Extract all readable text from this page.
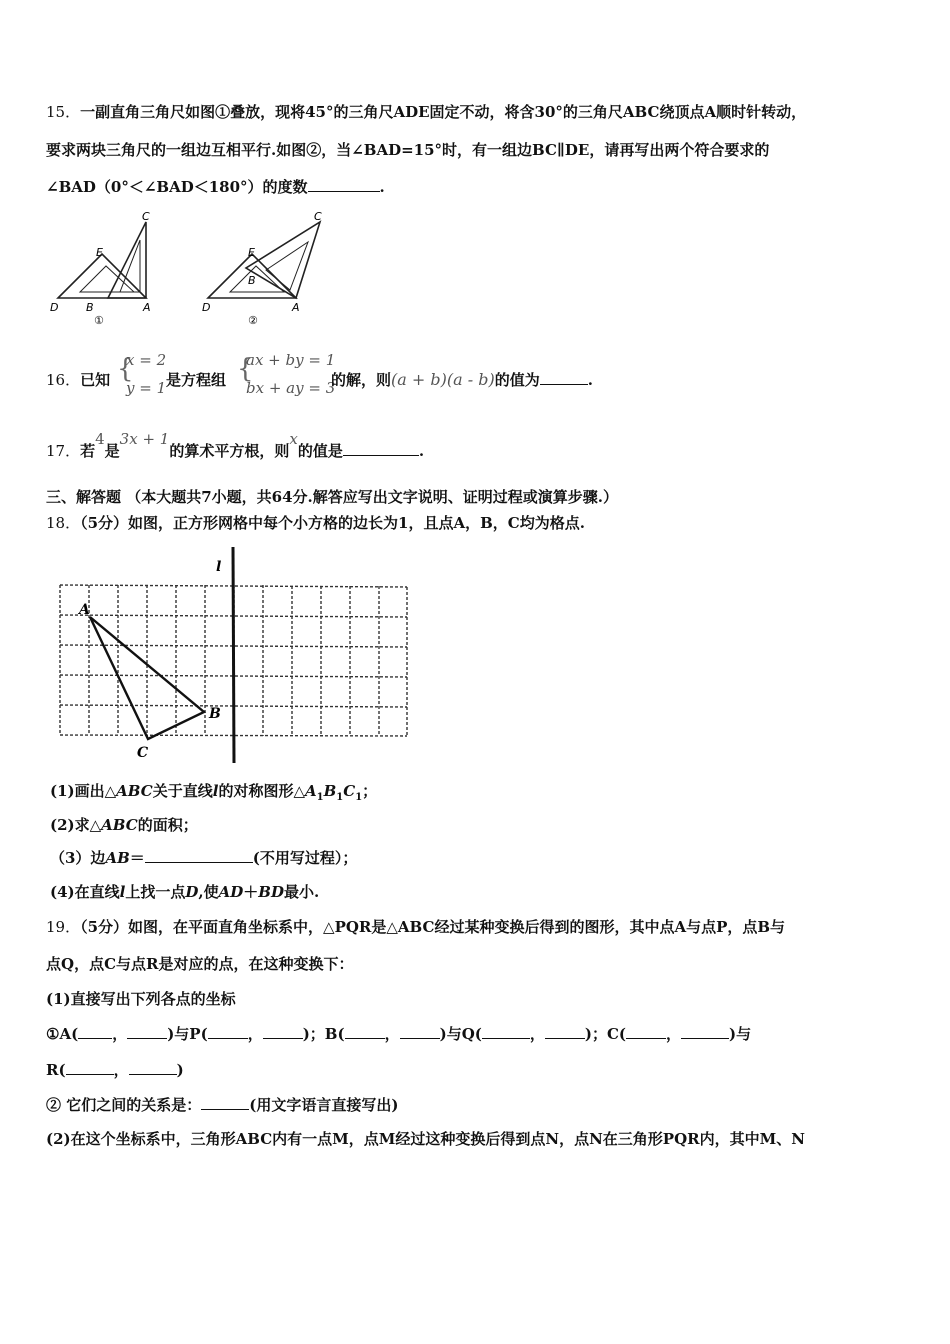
15．一副直角三角尺如图①叠放，现将45°的三角尺ADE固定不动，将含30°的三角尺ABC绕顶点A顺时针转动，
要求两块三角尺的一组边互相平行.如图②，当∠BAD=15°时，有一组边BC∥DE，请再写出两个符合要求的
∠BAD（0°＜∠BAD＜180°）的度数	.
D
E
C
B	A
①
D
E
C
B
A
②
16．已知 {
x = 2
y = 1 是方程组 {
ax + by = 1
bx + ay = 3
的解，则(a + b)(a - b)的值为	.
17．若4是3x + 1的算术平方根，则x的值是	.
三、解答题 （本大题共7小题，共64分.解答应写出文字说明、证明过程或演算步骤.）
18．（5分）如图，正方形网格中每个小方格的边长为1，且点A，B，C均为格点.
l
A
B
C
(1)画出△ABC关于直线l的对称图形$\triangle A_1B_1C_1$；
(2)求△ABC的面积；
（3）边AB＝	(不用写过程）；
(4)在直线l上找一点D,使AD＋BD最小.
19．（5分）如图，在平面直角坐标系中，△PQR是△ABC经过某种变换后得到的图形，其中点A与点P，点B与
点Q，点C与点R是对应的点，在这种变换下：
(1)直接写出下列各点的坐标
①A( ，	)与P(	，	)；B(	，	)与Q(	，	)；C(	，	)与
R(	，	)
② 它们之间的关系是：	(用文字语言直接写出)
(2)在这个坐标系中，三角形ABC内有一点M，点M经过这种变换后得到点N，点N在三角形PQR内，其中M、N
